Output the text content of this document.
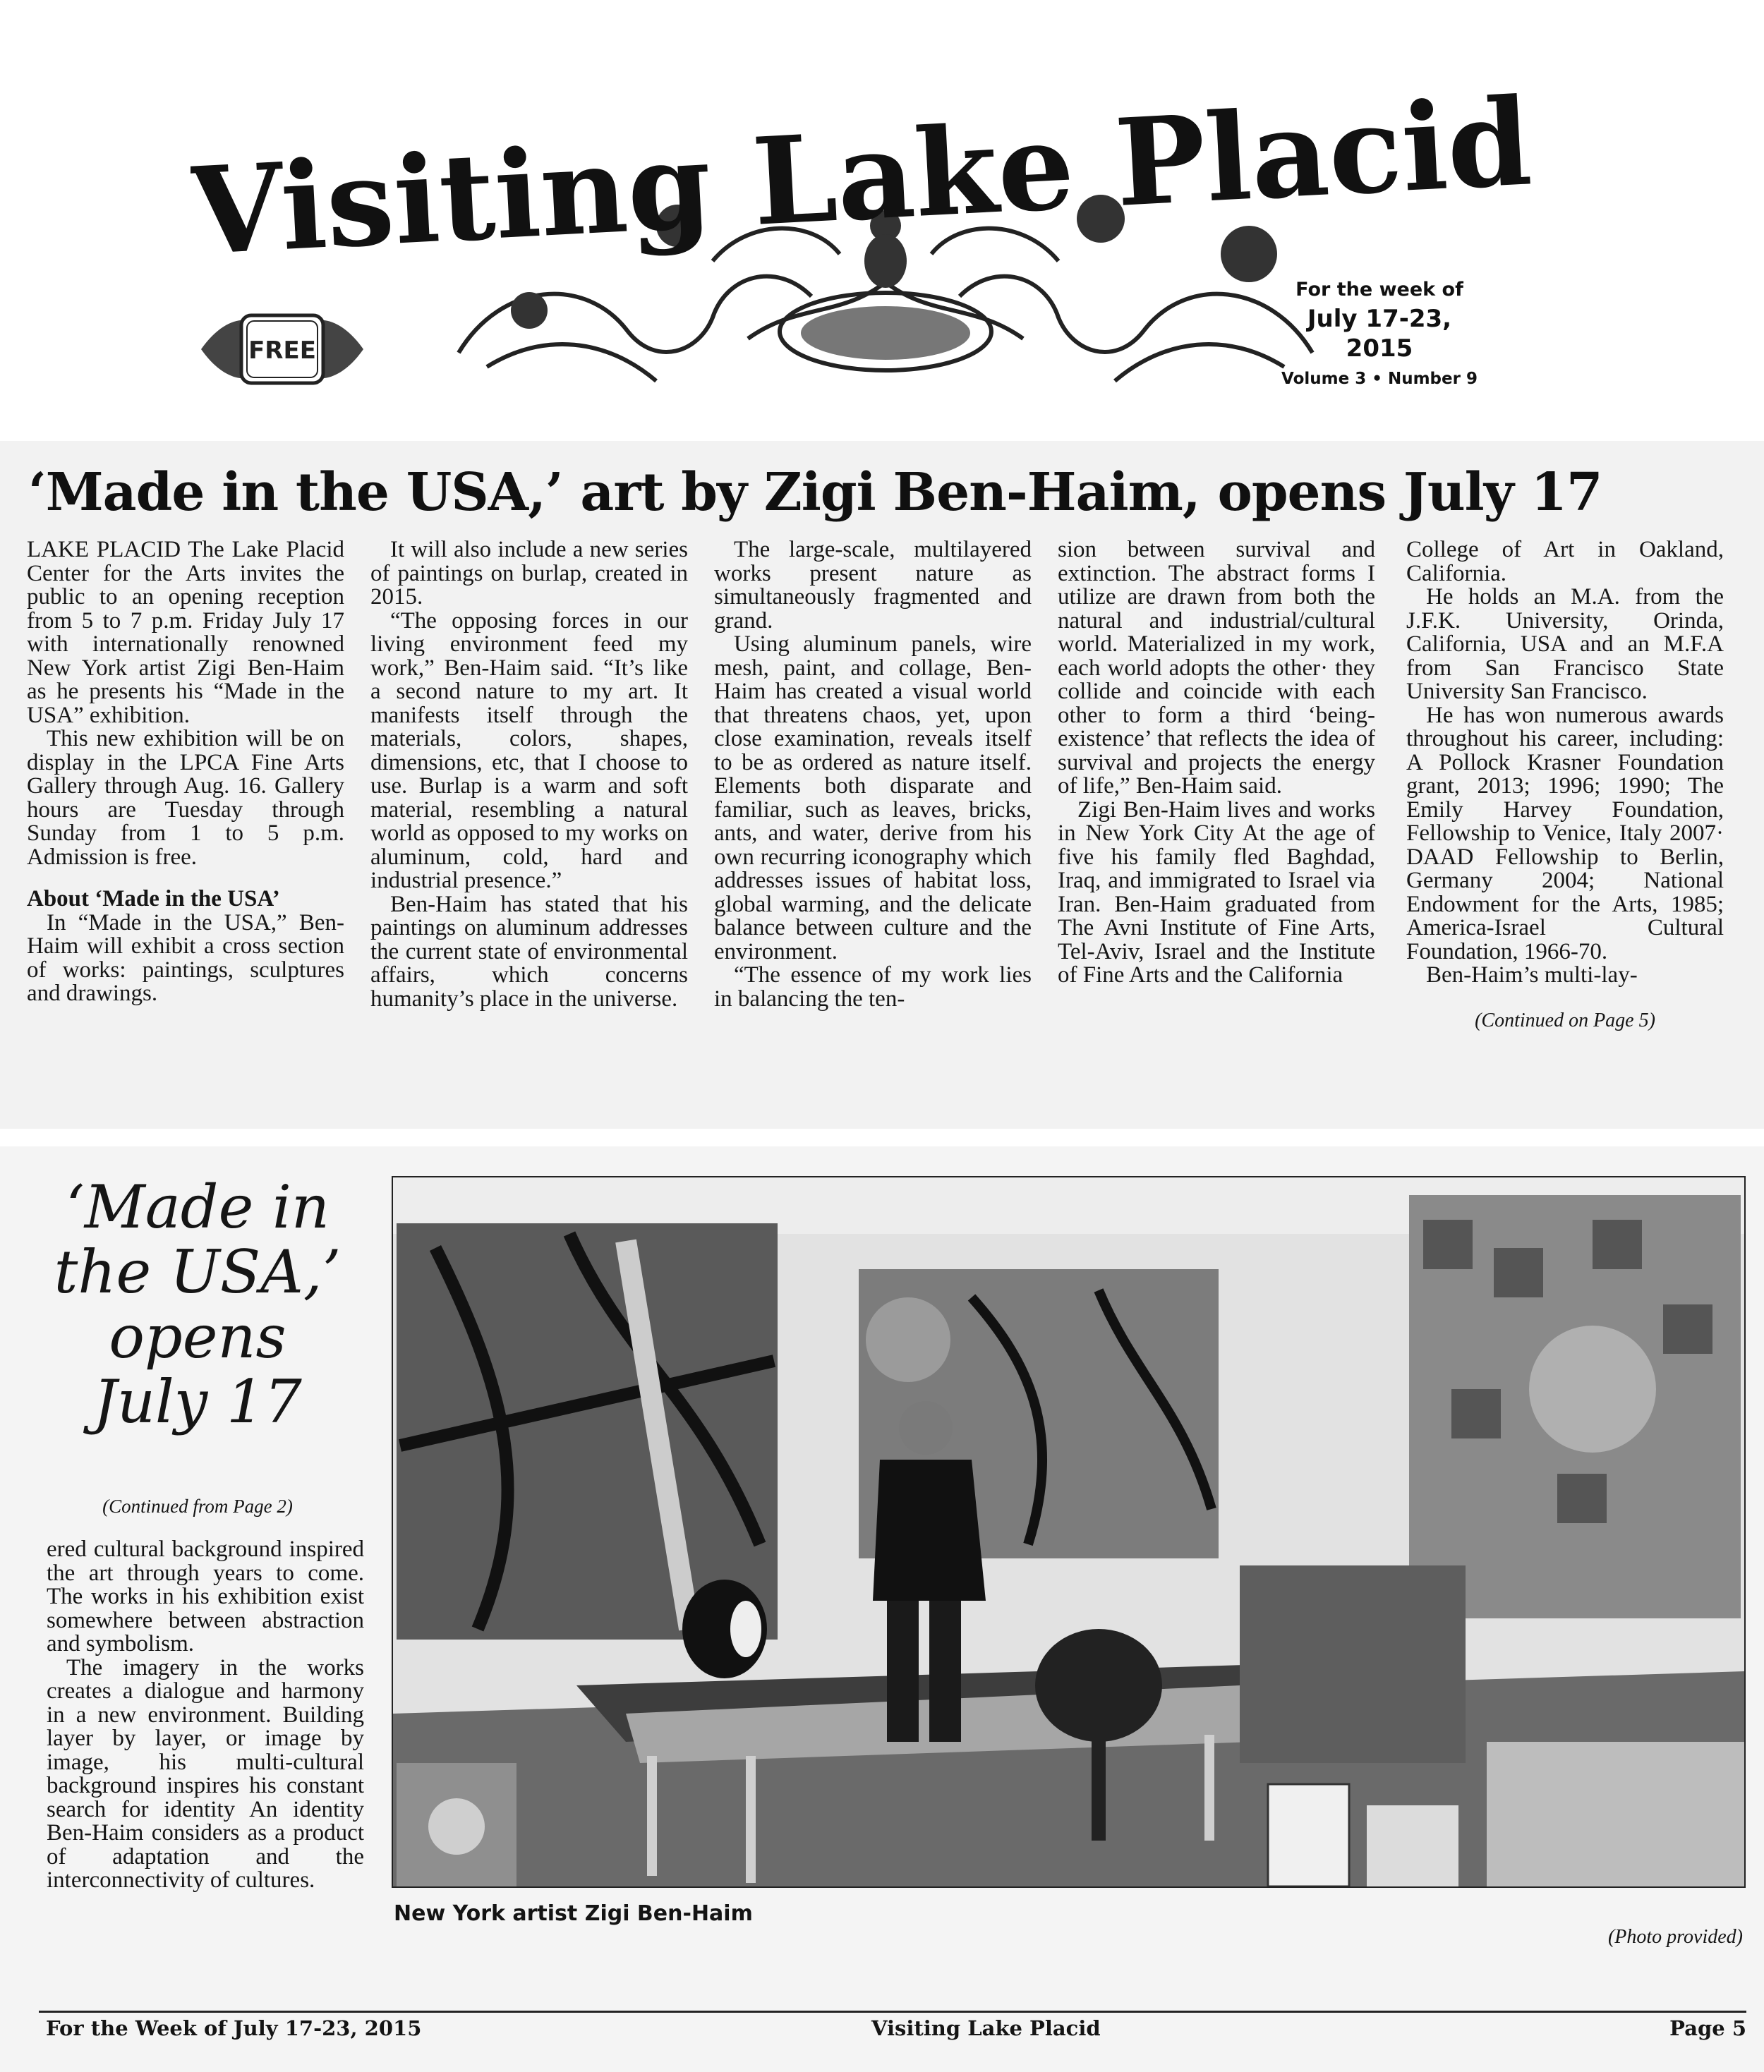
Visiting Lake Placid
FREE
For the week of
July 17-23,
2015
Volume 3 • Number 9
‘Made in the USA,’ art by Zigi Ben-Haim, opens July 17

LAKE PLACID The Lake Placid Center for the Arts invites the public to an opening reception from 5 to 7 p.m. Friday July 17 with internationally renowned New York artist Zigi Ben-Haim as he presents his “Made in the USA” exhibition.

This new exhibition will be on display in the LPCA Fine Arts Gallery through Aug. 16. Gallery hours are Tuesday through Sunday from 1 to 5 p.m. Admission is free.

About ‘Made in the USA’

In “Made in the USA,” Ben-Haim will exhibit a cross section of works: paintings, sculptures and drawings.

It will also include a new series of paintings on burlap, created in 2015.

“The opposing forces in our living environment feed my work,” Ben-Haim said. “It’s like a second nature to my art. It manifests itself through the materials, colors, shapes, dimensions, etc, that I choose to use. Burlap is a warm and soft material, resembling a natural world as opposed to my works on aluminum, cold, hard and industrial presence.”

Ben-Haim has stated that his paintings on aluminum addresses the current state of environmental affairs, which concerns humanity’s place in the universe.

The large-scale, multilayered works present nature as simultaneously fragmented and grand.

Using aluminum panels, wire mesh, paint, and collage, Ben-Haim has created a visual world that threatens chaos, yet, upon close examination, reveals itself to be as ordered as nature itself. Elements both disparate and familiar, such as leaves, bricks, ants, and water, derive from his own recurring iconography which addresses issues of habitat loss, global warming, and the delicate balance between culture and the environment.

“The essence of my work lies in balancing the ten-

sion between survival and extinction. The abstract forms I utilize are drawn from both the natural and industrial/cultural world. Materialized in my work, each world adopts the other· they collide and coincide with each other to form a third ‘being-existence’ that reflects the idea of survival and projects the energy of life,” Ben-Haim said.

Zigi Ben-Haim lives and works in New York City At the age of five his family fled Baghdad, Iraq, and immigrated to Israel via Iran. Ben-Haim graduated from The Avni Institute of Fine Arts, Tel-Aviv, Israel and the Institute of Fine Arts and the California

College of Art in Oakland, California.

He holds an M.A. from the J.F.K. University, Orinda, California, USA and an M.F.A from San Francisco State University San Francisco.

He has won numerous awards throughout his career, including: A Pollock Krasner Foundation grant, 2013; 1996; 1990; The Emily Harvey Foundation, Fellowship to Venice, Italy 2007· DAAD Fellowship to Berlin, Germany 2004; National Endowment for the Arts, 1985; America-Israel Cultural Foundation, 1966-70.

Ben-Haim’s multi-lay-

(Continued on Page 5)

‘Made in
the USA,’
opens
July 17
(Continued from Page 2)

ered cultural background inspired the art through years to come. The works in his exhibition exist somewhere between abstraction and symbolism.

The imagery in the works creates a dialogue and harmony in a new environment. Building layer by layer, or image by image, his multi-cultural background inspires his constant search for identity An identity Ben-Haim considers as a product of adaptation and the interconnectivity of cultures.

New York artist Zigi Ben-Haim
(Photo provided)
For the Week of July 17-23, 2015	Visiting Lake Placid	Page 5
